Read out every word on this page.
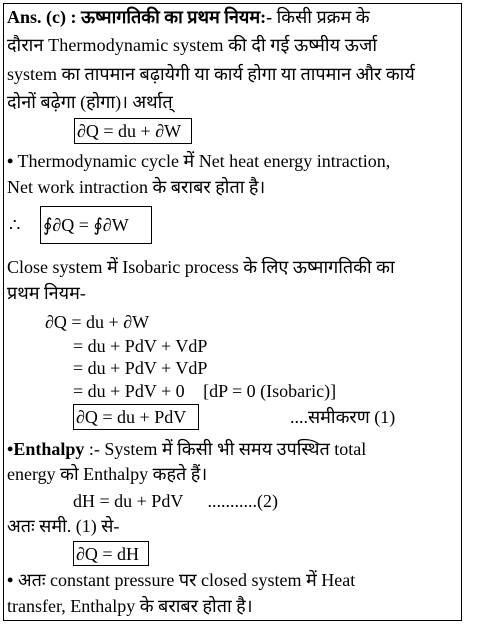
Ans. (c) : ऊष्मागतिकी का प्रथम नियम:- किसी प्रक्रम के
दौरान Thermodynamic system की दी गई ऊष्मीय ऊर्जा
system का तापमान बढ़ायेगी या कार्य होगा या तापमान और कार्य
दोनों बढ़ेगा (होगा)। अर्थात्
∂Q = du + ∂W
• Thermodynamic cycle में Net heat energy intraction,
Net work intraction के बराबर होता है।
∴ ∮∂Q = ∮∂W
Close system में Isobaric process के लिए ऊष्मागतिकी का
प्रथम नियम-
∂Q = du + ∂W
= du + PdV + VdP
= du + PdV + VdP
= du + PdV + 0 [dP = 0 (Isobaric)]
∂Q = du + PdV	....समीकरण (1)
•Enthalpy :- System में किसी भी समय उपस्थित total
energy को Enthalpy कहते हैं।
dH = du + PdV ...........(2)
अतः समी. (1) से-
∂Q = dH
• अतः constant pressure पर closed system में Heat
transfer, Enthalpy के बराबर होता है।
